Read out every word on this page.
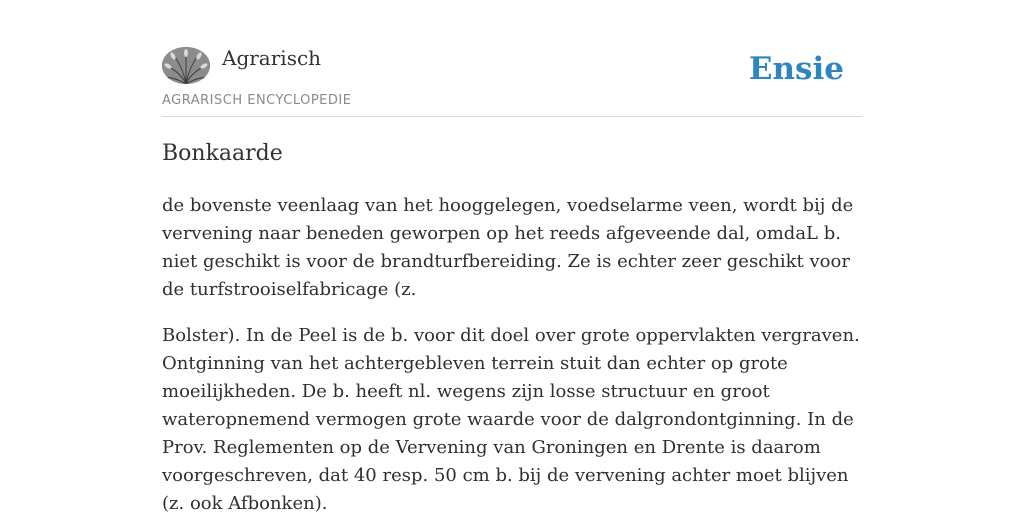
Agrarisch
AGRARISCH ENCYCLOPEDIE
Ensie
Bonkaarde

de bovenste veenlaag van het hooggelegen, voedselarme veen, wordt bij de vervening naar beneden geworpen op het reeds afgeveende dal, omdaL b. niet geschikt is voor de brandturfbereiding. Ze is echter zeer geschikt voor de turfstrooiselfabricage (z.

Bolster). In de Peel is de b. voor dit doel over grote oppervlakten vergraven. Ontginning van het achtergebleven terrein stuit dan echter op grote moeilijkheden. De b. heeft nl. wegens zijn losse structuur en groot wateropnemend vermogen grote waarde voor de dalgrondontginning. In de Prov. Reglementen op de Vervening van Groningen en Drente is daarom voorgeschreven, dat 40 resp. 50 cm b. bij de vervening achter moet blijven (z. ook Afbonken).
